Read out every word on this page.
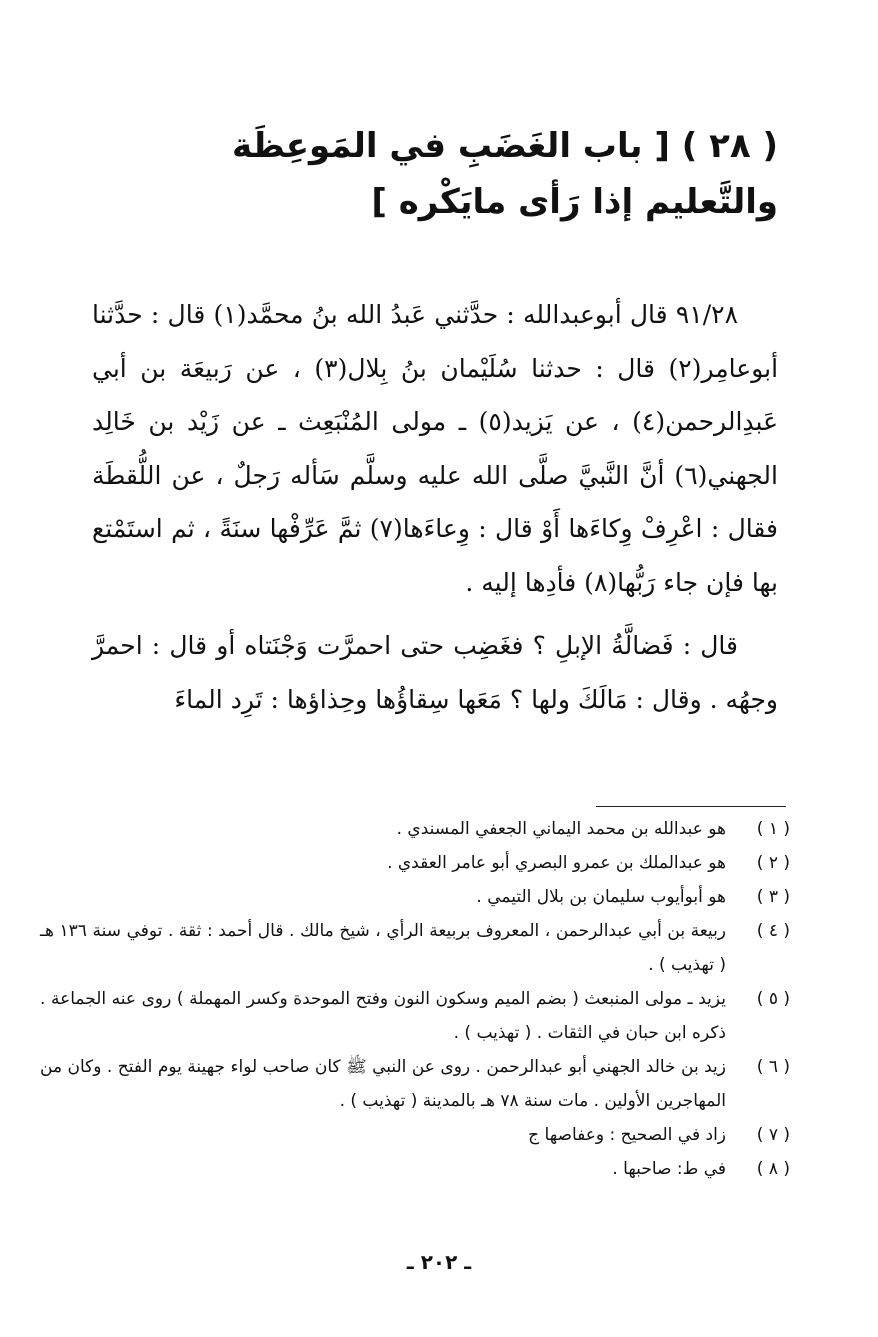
( ٢٨ ) [ باب الغَضَبِ في المَوعِظَة والتَّعليم إذا رَأى مايَكْره ]

٩١/٢٨ قال أبوعبدالله : حدَّثني عَبدُ الله بنُ محمَّد(١) قال : حدَّثنا أبوعامِر(٢) قال : حدثنا سُلَيْمان بنُ بِلال(٣) ، عن رَبيعَة بن أبي عَبدِالرحمن(٤) ، عن يَزيد(٥) ـ مولى المُنْبَعِث ـ عن زَيْد بن خَالِد الجهني(٦) أنَّ النَّبيَّ صلَّى الله عليه وسلَّم سَأله رَجلٌ ، عن اللُّقطَة فقال : اعْرِفْ وِكاءَها أَوْ قال : وِعاءَها(٧) ثمَّ عَرِّفْها سنَةً ، ثم استَمْتع بها فإن جاء رَبُّها(٨) فأدِها إليه .

قال : فَضالَّةُ الإبلِ ؟ فغَضِب حتى احمرَّت وَجْنَتاه أو قال : احمرَّ وجهُه . وقال : مَالَكَ ولها ؟ مَعَها سِقاؤُها وحِذاؤها : تَرِد الماءَ

( ١ )
هو عبدالله بن محمد اليماني الجعفي المسندي .
( ٢ )
هو عبدالملك بن عمرو البصري أبو عامر العقدي .
( ٣ )
هو أبوأيوب سليمان بن بلال التيمي .
( ٤ )
ربيعة بن أبي عبدالرحمن ، المعروف بربيعة الرأي ، شيخ مالك . قال أحمد : ثقة . توفي سنة ١٣٦ هـ ( تهذيب ) .
( ٥ )
يزيد ـ مولى المنبعث ( بضم الميم وسكون النون وفتح الموحدة وكسر المهملة ) روى عنه الجماعة . ذكره ابن حبان في الثقات . ( تهذيب ) .
( ٦ )
زيد بن خالد الجهني أبو عبدالرحمن . روى عن النبي ﷺ كان صاحب لواء جهينة يوم الفتح . وكان من المهاجرين الأولين . مات سنة ٧٨ هـ بالمدينة ( تهذيب ) .
( ٧ )
زاد في الصحيح : وعفاصها ج
( ٨ )
في ط: صاحبها .
ـ ٢٠٢ ـ
